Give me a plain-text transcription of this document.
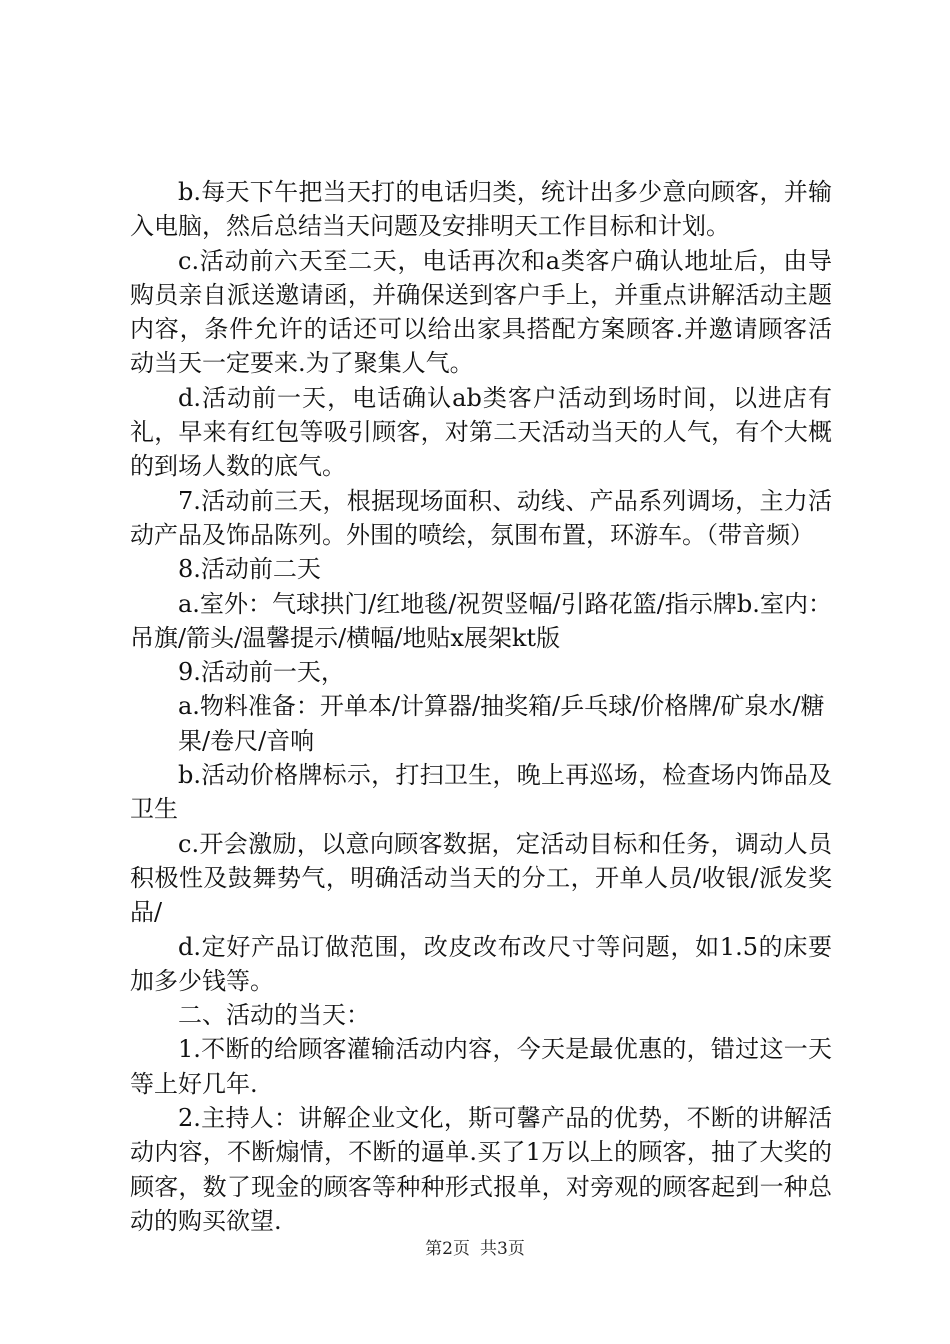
b.每天下午把当天打的电话归类，统计出多少意向顾客，并输入电脑，然后总结当天问题及安排明天工作目标和计划。

c.活动前六天至二天，电话再次和a类客户确认地址后，由导购员亲自派送邀请函，并确保送到客户手上，并重点讲解活动主题内容，条件允许的话还可以给出家具搭配方案顾客.并邀请顾客活动当天一定要来.为了聚集人气。

d.活动前一天，电话确认ab类客户活动到场时间，以进店有礼，早来有红包等吸引顾客，对第二天活动当天的人气，有个大概的到场人数的底气。

7.活动前三天，根据现场面积、动线、产品系列调场，主力活动产品及饰品陈列。外围的喷绘，氛围布置，环游车。（带音频）

8.活动前二天

a.室外：气球拱门/红地毯/祝贺竖幅/引路花篮/指示牌b.室内：吊旗/箭头/温馨提示/横幅/地贴x展架kt版

9.活动前一天，

a.物料准备：开单本/计算器/抽奖箱/乒乓球/价格牌/矿泉水/糖

果/卷尺/音响

b.活动价格牌标示，打扫卫生，晚上再巡场，检查场内饰品及卫生

c.开会激励，以意向顾客数据，定活动目标和任务，调动人员积极性及鼓舞势气，明确活动当天的分工，开单人员/收银/派发奖品/

d.定好产品订做范围，改皮改布改尺寸等问题，如1.5的床要加多少钱等。

二、活动的当天：

1.不断的给顾客灌输活动内容，今天是最优惠的，错过这一天等上好几年.

2.主持人：讲解企业文化，斯可馨产品的优势，不断的讲解活动内容，不断煽情，不断的逼单.买了1万以上的顾客，抽了大奖的顾客，数了现金的顾客等种种形式报单，对旁观的顾客起到一种总动的购买欲望.

第2页 共3页
